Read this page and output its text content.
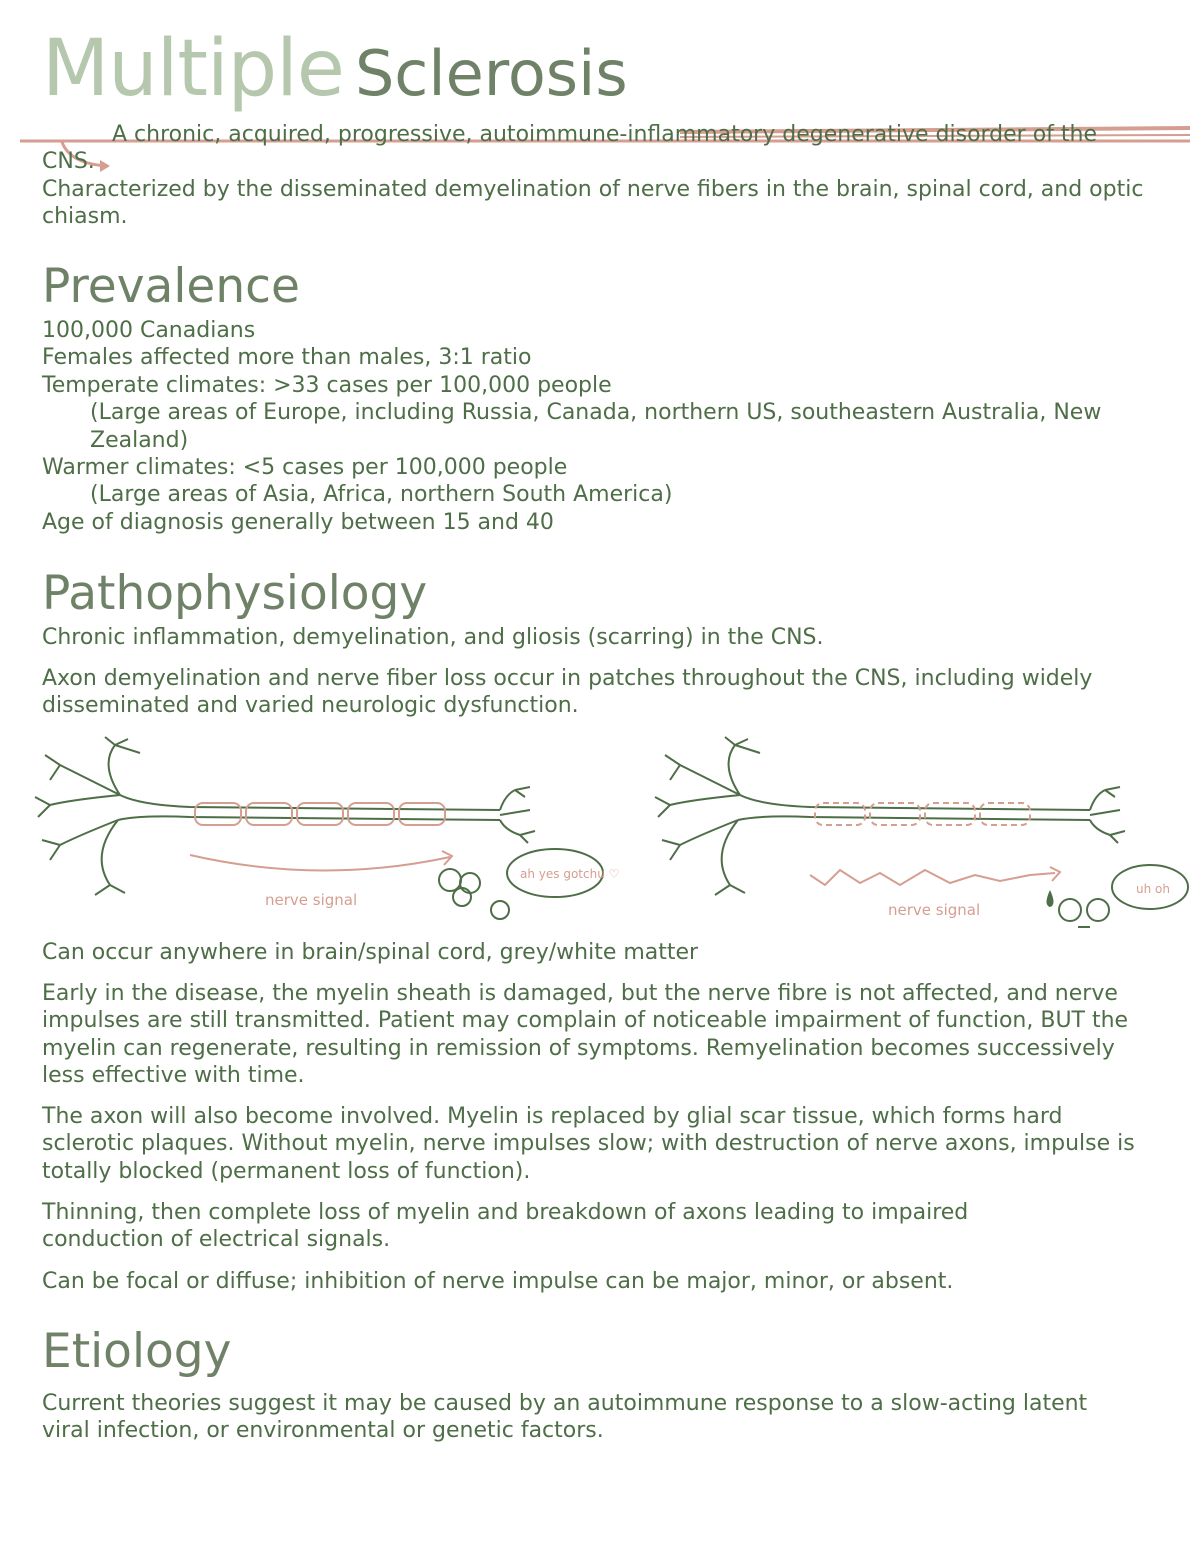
Multiple Sclerosis

A chronic, acquired, progressive, autoimmune-inflammatory degenerative disorder of the CNS.

Characterized by the disseminated demyelination of nerve fibers in the brain, spinal cord, and optic chiasm.

Prevalence
100,000 Canadians
Females affected more than males, 3:1 ratio
Temperate climates: >33 cases per 100,000 people
(Large areas of Europe, including Russia, Canada, northern US, southeastern Australia, New Zealand)
Warmer climates: <5 cases per 100,000 people
(Large areas of Asia, Africa, northern South America)
Age of diagnosis generally between 15 and 40
Pathophysiology

Chronic inflammation, demyelination, and gliosis (scarring) in the CNS.

Axon demyelination and nerve fiber loss occur in patches throughout the CNS, including widely disseminated and varied neurologic dysfunction.

nerve signal
ah yes gotchu ♡
nerve signal
uh oh

Can occur anywhere in brain/spinal cord, grey/white matter

Early in the disease, the myelin sheath is damaged, but the nerve fibre is not affected, and nerve impulses are still transmitted. Patient may complain of noticeable impairment of function, BUT the myelin can regenerate, resulting in remission of symptoms. Remyelination becomes successively less effective with time.

The axon will also become involved. Myelin is replaced by glial scar tissue, which forms hard sclerotic plaques. Without myelin, nerve impulses slow; with destruction of nerve axons, impulse is totally blocked (permanent loss of function).

Thinning, then complete loss of myelin and breakdown of axons leading to impaired conduction of electrical signals.

Can be focal or diffuse; inhibition of nerve impulse can be major, minor, or absent.

Etiology

Current theories suggest it may be caused by an autoimmune response to a slow-acting latent viral infection, or environmental or genetic factors.
